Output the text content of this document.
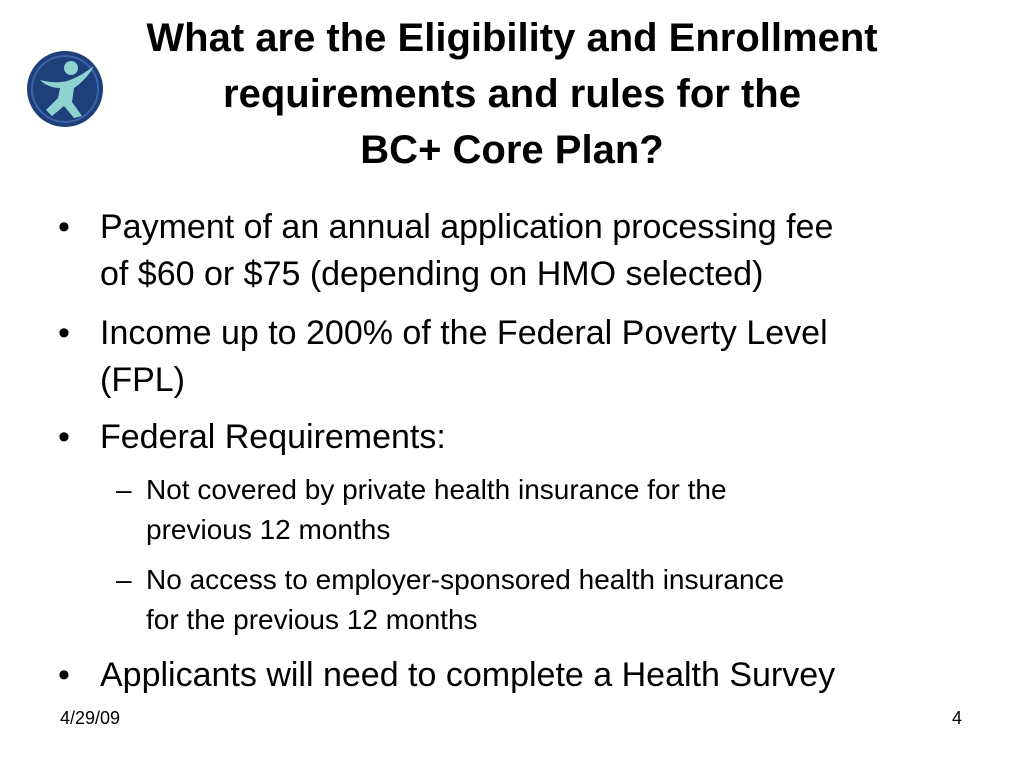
What are the Eligibility and Enrollment
requirements and rules for the
BC+ Core Plan?
• Payment of an annual application processing fee
of $60 or $75 (depending on HMO selected)
• Income up to 200% of the Federal Poverty Level
(FPL)
• Federal Requirements:
– Not covered by private health insurance for the
previous 12 months
– No access to employer-sponsored health insurance
for the previous 12 months
• Applicants will need to complete a Health Survey
4/29/09	4
